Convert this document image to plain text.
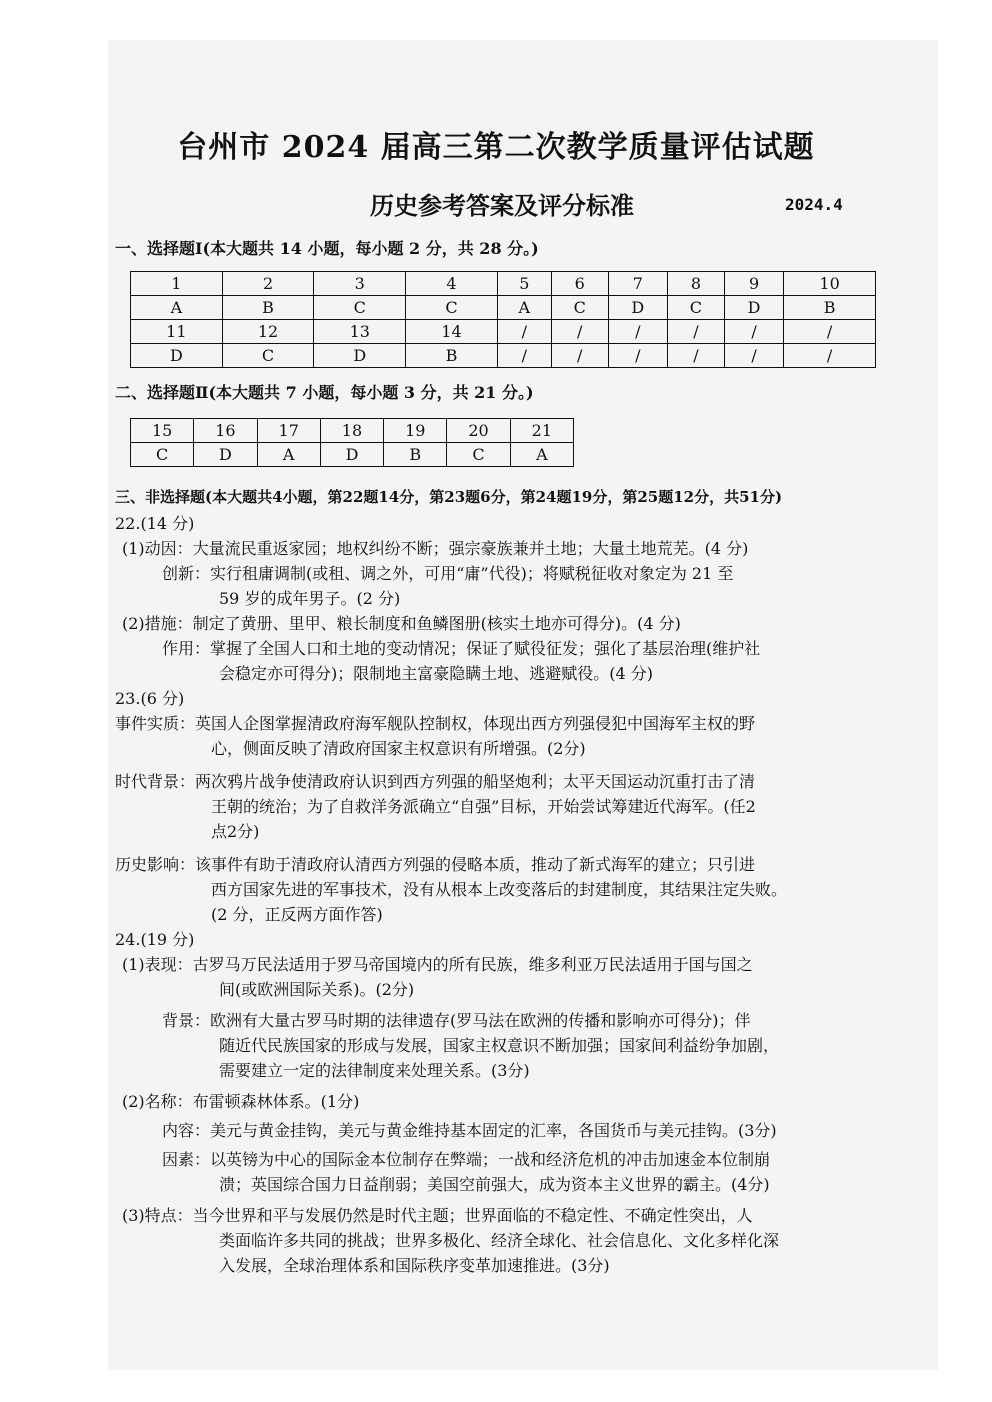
台州市 2024 届高三第二次教学质量评估试题
历史参考答案及评分标准	2024.4
一、选择题Ⅰ(本大题共 14 小题，每小题 2 分，共 28 分。)
1	2	3	4	5	6	7	8	9	10
A	B	C	C	A	C	D	C	D	B
11	12	13	14	/	/	/	/	/	/
D	C	D	B	/	/	/	/	/	/
二、选择题Ⅱ(本大题共 7 小题，每小题 3 分，共 21 分。)
15	16	17	18	19	20	21
C	D	A	D	B	C	A
三、非选择题(本大题共4小题，第22题14分，第23题6分，第24题19分，第25题12分，共51分)
22.(14 分)
(1)动因：大量流民重返家园；地权纠纷不断；强宗豪族兼并土地；大量土地荒芜。(4 分)
创新：实行租庸调制(或租、调之外，可用“庸”代役)；将赋税征收对象定为 21 至
59 岁的成年男子。(2 分)
(2)措施：制定了黄册、里甲、粮长制度和鱼鳞图册(核实土地亦可得分)。(4 分)
作用：掌握了全国人口和土地的变动情况；保证了赋役征发；强化了基层治理(维护社
会稳定亦可得分)；限制地主富豪隐瞒土地、逃避赋役。(4 分)
23.(6 分)
事件实质：英国人企图掌握清政府海军舰队控制权，体现出西方列强侵犯中国海军主权的野
心，侧面反映了清政府国家主权意识有所增强。(2分)
时代背景：两次鸦片战争使清政府认识到西方列强的船坚炮利；太平天国运动沉重打击了清
王朝的统治；为了自救洋务派确立“自强”目标，开始尝试筹建近代海军。(任2
点2分)
历史影响：该事件有助于清政府认清西方列强的侵略本质，推动了新式海军的建立；只引进
西方国家先进的军事技术，没有从根本上改变落后的封建制度，其结果注定失败。
(2 分，正反两方面作答)
24.(19 分)
(1)表现：古罗马万民法适用于罗马帝国境内的所有民族，维多利亚万民法适用于国与国之
间(或欧洲国际关系)。(2分)
背景：欧洲有大量古罗马时期的法律遗存(罗马法在欧洲的传播和影响亦可得分)；伴
随近代民族国家的形成与发展，国家主权意识不断加强；国家间利益纷争加剧，
需要建立一定的法律制度来处理关系。(3分)
(2)名称：布雷顿森林体系。(1分)
内容：美元与黄金挂钩，美元与黄金维持基本固定的汇率，各国货币与美元挂钩。(3分)
因素：以英镑为中心的国际金本位制存在弊端；一战和经济危机的冲击加速金本位制崩
溃；英国综合国力日益削弱；美国空前强大，成为资本主义世界的霸主。(4分)
(3)特点：当今世界和平与发展仍然是时代主题；世界面临的不稳定性、不确定性突出，人
类面临许多共同的挑战；世界多极化、经济全球化、社会信息化、文化多样化深
入发展，全球治理体系和国际秩序变革加速推进。(3分)
